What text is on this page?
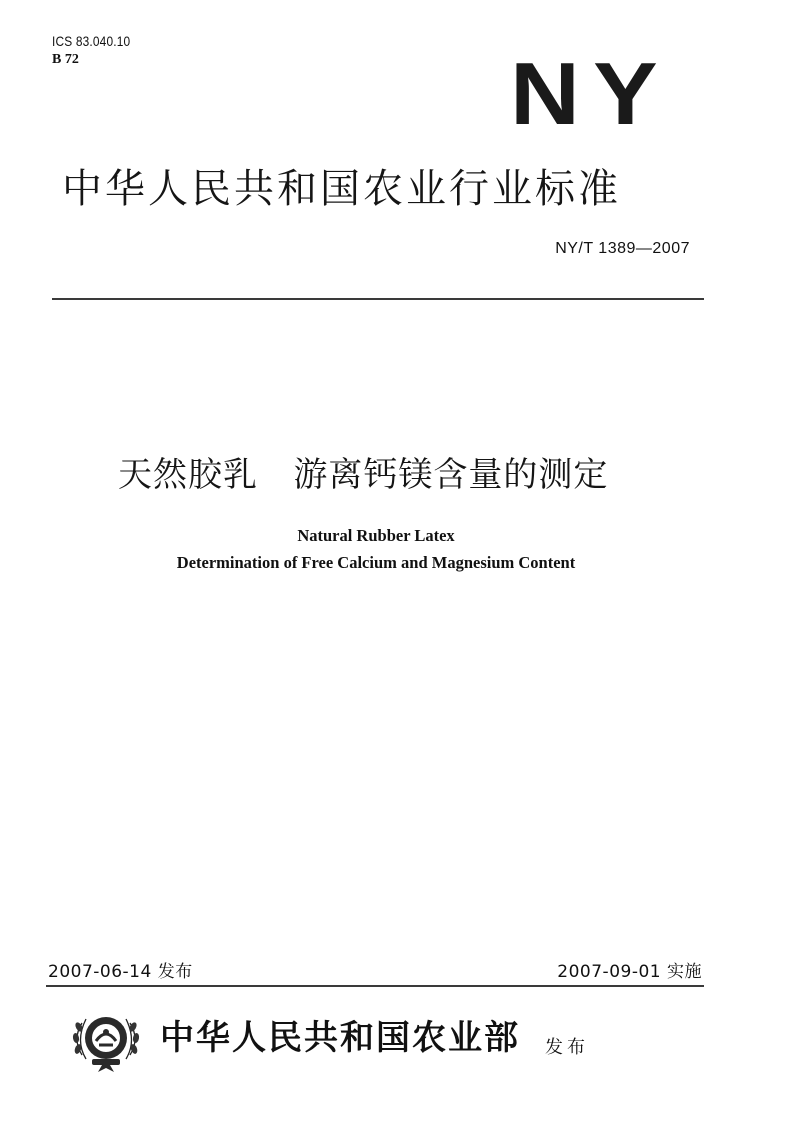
ICS 83.040.10
B 72	NY
中华人民共和国农业行业标准
NY/T 1389—2007
天然胶乳   游离钙镁含量的测定
Natural Rubber Latex
Determination of Free Calcium and Magnesium Content
2007-06-14 发布	2007-09-01 实施
中华人民共和国农业部 发布
